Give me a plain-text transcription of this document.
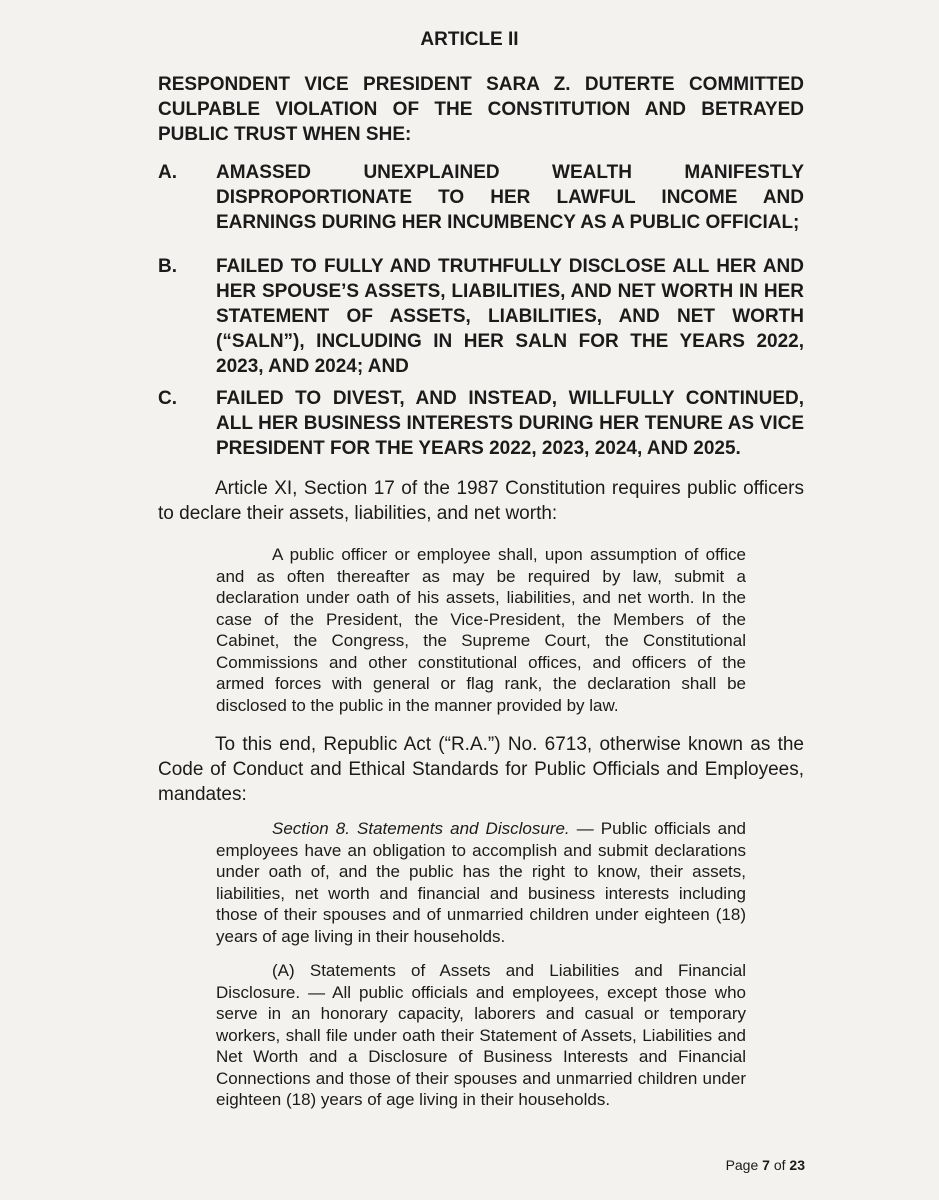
ARTICLE II
RESPONDENT VICE PRESIDENT SARA Z. DUTERTE COMMITTED CULPABLE VIOLATION OF THE CONSTITUTION AND BETRAYED PUBLIC TRUST WHEN SHE:
A. AMASSED UNEXPLAINED WEALTH MANIFESTLY DISPROPORTIONATE TO HER LAWFUL INCOME AND EARNINGS DURING HER INCUMBENCY AS A PUBLIC OFFICIAL;
B. FAILED TO FULLY AND TRUTHFULLY DISCLOSE ALL HER AND HER SPOUSE’S ASSETS, LIABILITIES, AND NET WORTH IN HER STATEMENT OF ASSETS, LIABILITIES, AND NET WORTH (“SALN”), INCLUDING IN HER SALN FOR THE YEARS 2022, 2023, AND 2024; AND
C. FAILED TO DIVEST, AND INSTEAD, WILLFULLY CONTINUED, ALL HER BUSINESS INTERESTS DURING HER TENURE AS VICE PRESIDENT FOR THE YEARS 2022, 2023, 2024, AND 2025.
Article XI, Section 17 of the 1987 Constitution requires public officers to declare their assets, liabilities, and net worth:
A public officer or employee shall, upon assumption of office and as often thereafter as may be required by law, submit a declaration under oath of his assets, liabilities, and net worth. In the case of the President, the Vice-President, the Members of the Cabinet, the Congress, the Supreme Court, the Constitutional Commissions and other constitutional offices, and officers of the armed forces with general or flag rank, the declaration shall be disclosed to the public in the manner provided by law.
To this end, Republic Act (“R.A.”) No. 6713, otherwise known as the Code of Conduct and Ethical Standards for Public Officials and Employees, mandates:
Section 8. Statements and Disclosure. — Public officials and employees have an obligation to accomplish and submit declarations under oath of, and the public has the right to know, their assets, liabilities, net worth and financial and business interests including those of their spouses and of unmarried children under eighteen (18) years of age living in their households.
(A) Statements of Assets and Liabilities and Financial Disclosure. — All public officials and employees, except those who serve in an honorary capacity, laborers and casual or temporary workers, shall file under oath their Statement of Assets, Liabilities and Net Worth and a Disclosure of Business Interests and Financial Connections and those of their spouses and unmarried children under eighteen (18) years of age living in their households.
Page 7 of 23
